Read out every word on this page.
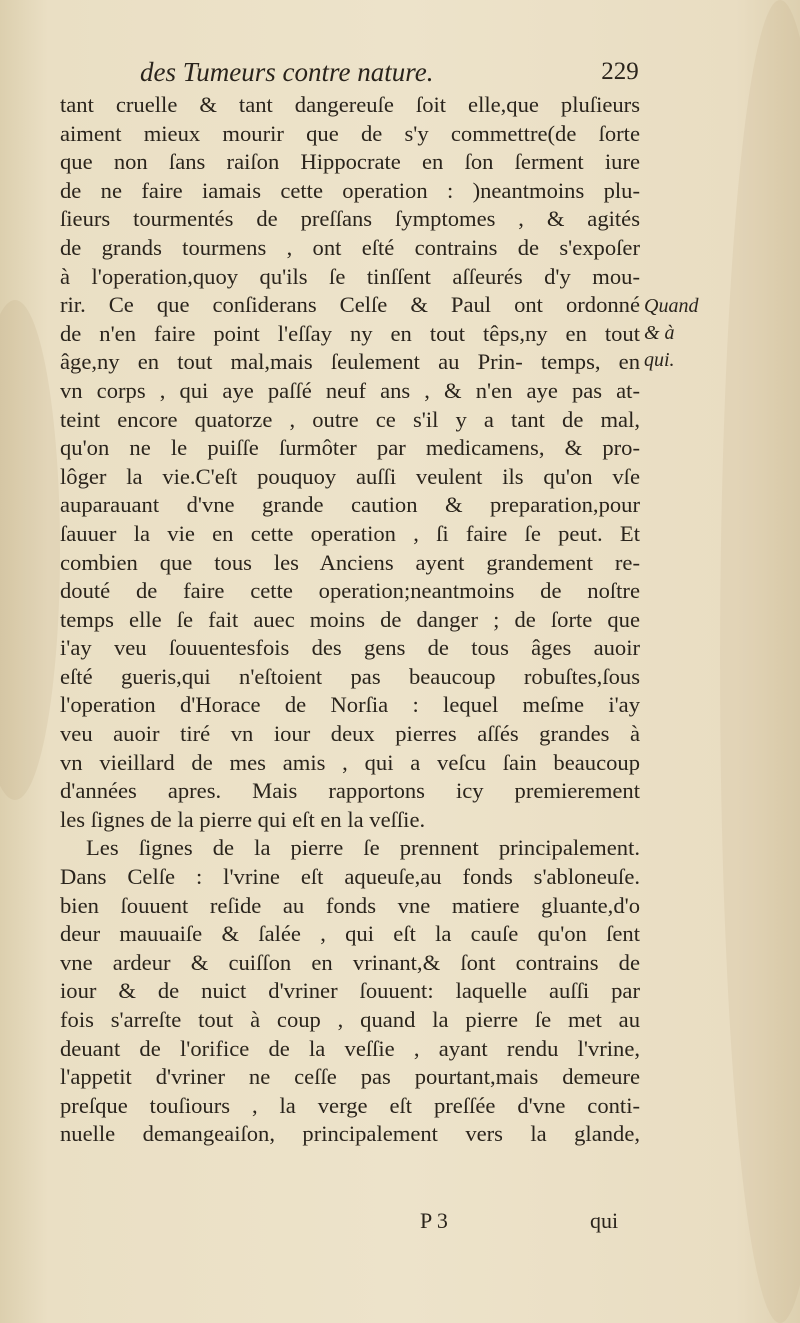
des Tumeurs contre nature.	229
tant cruelle & tant dangereuſe ſoit elle,que pluſieurs
aiment mieux mourir que de s'y commettre(de ſorte
que non ſans raiſon Hippocrate en ſon ſerment iure
de ne faire iamais cette operation : )neantmoins plu-
ſieurs tourmentés de preſſans ſymptomes , & agités
de grands tourmens , ont eſté contrains de s'expoſer
à l'operation,quoy qu'ils ſe tinſſent aſſeurés d'y mou-
rir. Ce que conſiderans Celſe & Paul ont ordonné
de n'en faire point l'eſſay ny en tout têps,ny en tout
âge,ny en tout mal,mais ſeulement au Prin- temps, en
vn corps , qui aye paſſé neuf ans , & n'en aye pas at-
teint encore quatorze , outre ce s'il y a tant de mal,
qu'on ne le puiſſe ſurmôter par medicamens, & pro-
lôger la vie.C'eſt pouquoy auſſi veulent ils qu'on vſe
auparauant d'vne grande caution & preparation,pour
ſauuer la vie en cette operation , ſi faire ſe peut. Et
combien que tous les Anciens ayent grandement re-
douté de faire cette operation;neantmoins de noſtre
temps elle ſe fait auec moins de danger ; de ſorte que
i'ay veu ſouuentesfois des gens de tous âges auoir
eſté gueris,qui n'eſtoient pas beaucoup robuſtes,ſous
l'operation d'Horace de Norſia : lequel meſme i'ay
veu auoir tiré vn iour deux pierres aſſés grandes à
vn vieillard de mes amis , qui a veſcu ſain beaucoup
d'années apres. Mais rapportons icy premierement
les ſignes de la pierre qui eſt en la veſſie.
Les ſignes de la pierre ſe prennent principalement.
Dans Celſe : l'vrine eſt aqueuſe,au fonds s'abloneuſe.
bien ſouuent reſide au fonds vne matiere gluante,d'o
deur mauuaiſe & ſalée , qui eſt la cauſe qu'on ſent
vne ardeur & cuiſſon en vrinant,& ſont contrains de
iour & de nuict d'vriner ſouuent: laquelle auſſi par
fois s'arreſte tout à coup , quand la pierre ſe met au
deuant de l'orifice de la veſſie , ayant rendu l'vrine,
l'appetit d'vriner ne ceſſe pas pourtant,mais demeure
preſque touſiours , la verge eſt preſſée d'vne conti-
nuelle demangeaiſon, principalement vers la glande,
Quand
& à
qui.
P 3	qui
